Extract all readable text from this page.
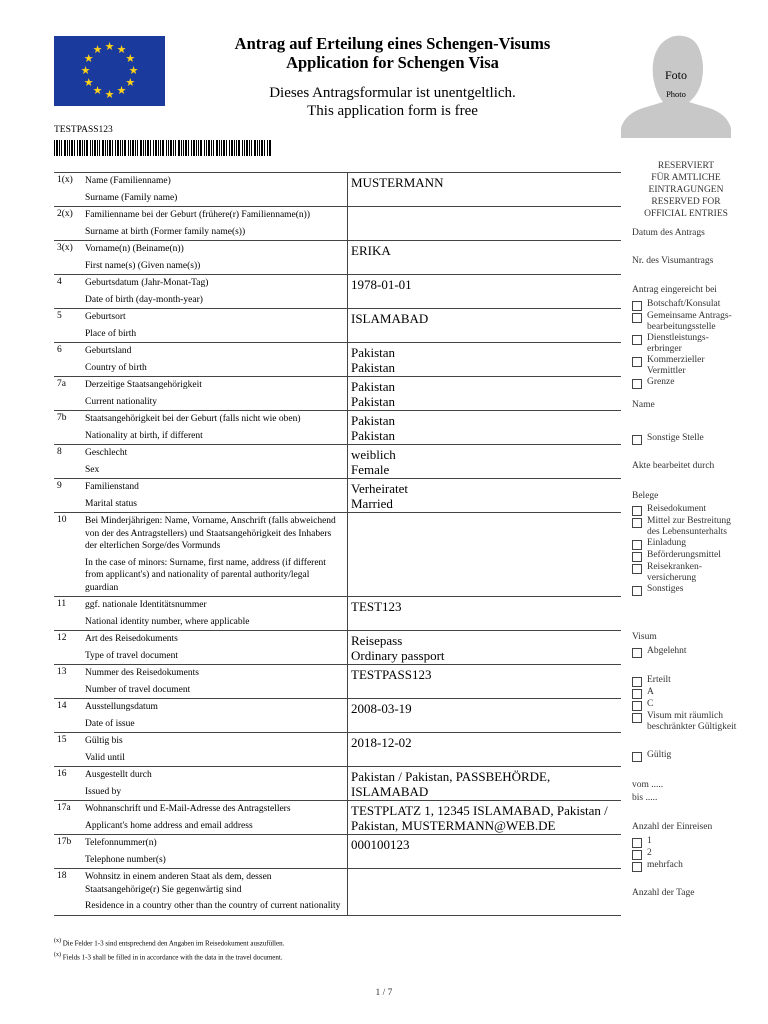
★ ★
★
★
★
★
★
★
★
★
★
★	Antrag auf Erteilung eines Schengen-Visums
Application for Schengen Visa
Dieses Antragsformular ist unentgeltlich.
This application form is free
TESTPASS123
Foto
Photo
1(x)	Name (Familienname)
Surname (Family name)	MUSTERMANN
2(x)	Familienname bei der Geburt (frühere(r) Familienname(n))
Surname at birth (Former family name(s))	

3(x)	Vorname(n) (Beiname(n))
First name(s) (Given name(s))	ERIKA
4	Geburtsdatum (Jahr-Monat-Tag)
Date of birth (day-month-year)	1978-01-01
5	Geburtsort
Place of birth	ISLAMABAD
6	Geburtsland
Country of birth	Pakistan
Pakistan
7a	Derzeitige Staatsangehörigkeit
Current nationality	Pakistan
Pakistan
7b	Staatsangehörigkeit bei der Geburt (falls nicht wie oben)
Nationality at birth, if different	Pakistan
Pakistan
8	Geschlecht
Sex	weiblich
Female
9	Familienstand
Marital status	Verheiratet
Married
10	Bei Minderjährigen: Name, Vorname, Anschrift (falls abweichend von der des Antragstellers) und Staatsangehörigkeit des Inhabers der elterlichen Sorge/des Vormunds
In the case of minors: Surname, first name, address (if different from applicant's) and nationality of parental authority/legal guardian	

11	ggf. nationale Identitätsnummer
National identity number, where applicable	TEST123
12	Art des Reisedokuments
Type of travel document	Reisepass
Ordinary passport
13	Nummer des Reisedokuments
Number of travel document	TESTPASS123
14	Ausstellungsdatum
Date of issue	2008-03-19
15	Gültig bis
Valid until	2018-12-02
16	Ausgestellt durch
Issued by	Pakistan / Pakistan, PASSBEHÖRDE,
ISLAMABAD
17a	Wohnanschrift und E-Mail-Adresse des Antragstellers
Applicant's home address and email address	TESTPLATZ 1, 12345 ISLAMABAD, Pakistan /
Pakistan, MUSTERMANN@WEB.DE
17b	Telefonnummer(n)
Telephone number(s)	000100123
18	Wohnsitz in einem anderen Staat als dem, dessen Staatsangehörige(r) Sie gegenwärtig sind
Residence in a country other than the country of current nationality	

$^{(x)}$ Die Felder 1-3 sind entsprechend den Angaben im Reisedokument auszufüllen.
$^{(x)}$ Fields 1-3 shall be filled in in accordance with the data in the travel document.
1 / 7
RESERVIERT
FÜR AMTLICHE
EINTRAGUNGEN
RESERVED FOR
OFFICIAL ENTRIES
Datum des Antrags
Nr. des Visumantrags
Antrag eingereicht bei
Botschaft/Konsulat
Gemeinsame Antrags-
bearbeitungsstelle
Dienstleistungs-
erbringer
Kommerzieller
Vermittler
Grenze
Name
Sonstige Stelle
Akte bearbeitet durch
Belege
Reisedokument
Mittel zur Bestreitung
des Lebensunterhalts
Einladung
Beförderungsmittel
Reisekranken-
versicherung
Sonstiges
Visum
Abgelehnt
Erteilt
A
C
Visum mit räumlich
beschränkter Gültigkeit
Gültig
vom .....
bis .....
Anzahl der Einreisen
1
2
mehrfach
Anzahl der Tage
